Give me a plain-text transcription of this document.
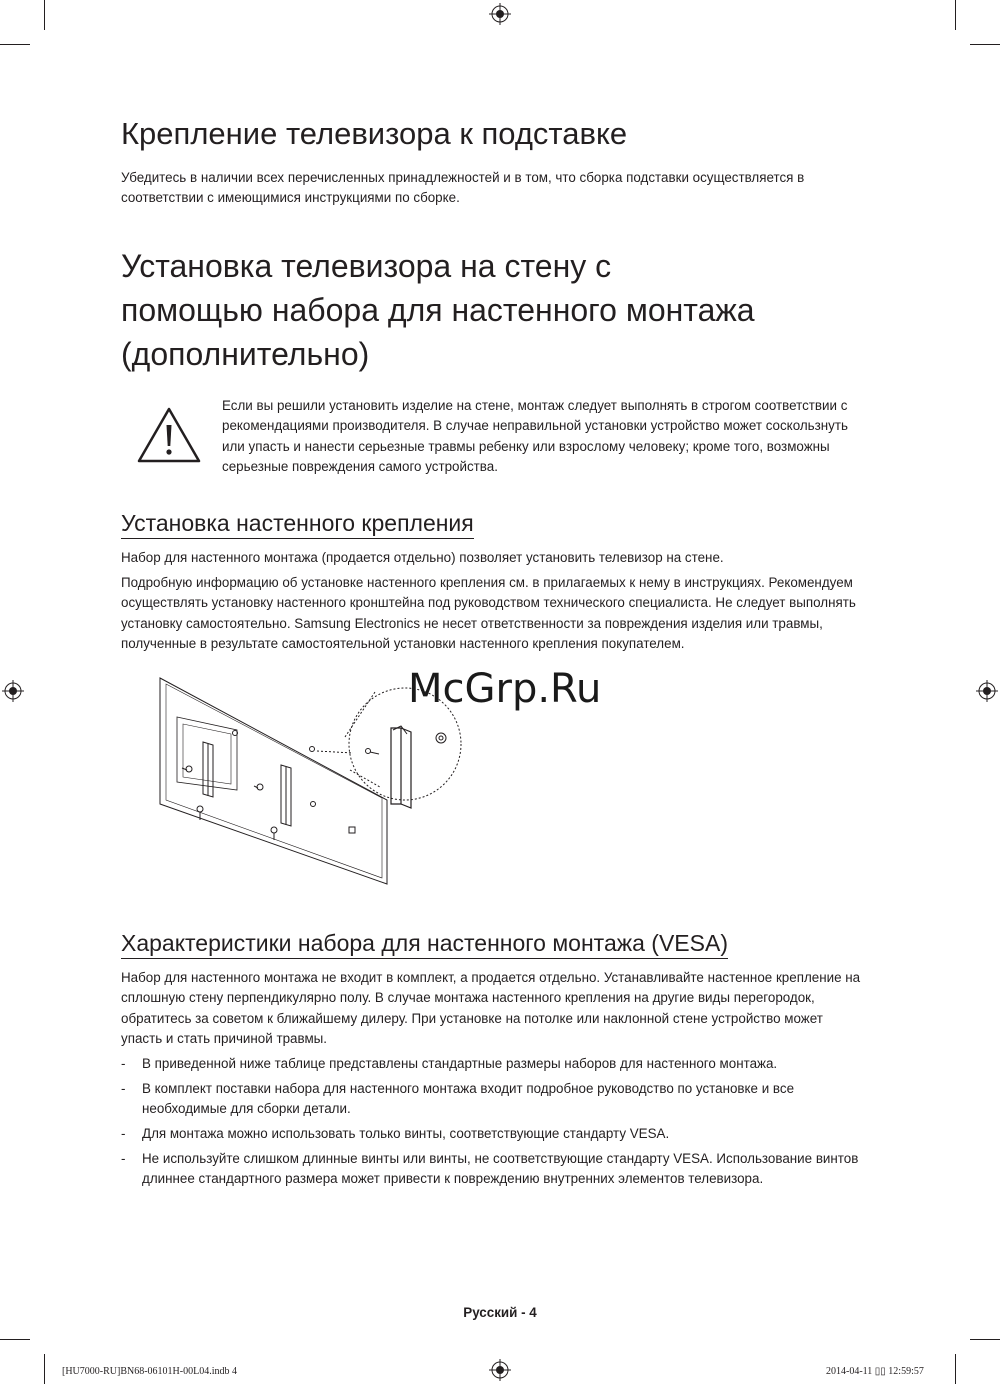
Крепление телевизора к подставке

Убедитесь в наличии всех перечисленных принадлежностей и в том, что сборка подставки осуществляется в соответствии с имеющимися инструкциями по сборке.

Установка телевизора на стену с
помощью набора для настенного монтажа
(дополнительно)

Если вы решили установить изделие на стене, монтаж следует выполнять в строгом соответствии с рекомендациями производителя. В случае неправильной установки устройство может соскользнуть или упасть и нанести серьезные травмы ребенку или взрослому человеку; кроме того, возможны серьезные повреждения самого устройства.

Установка настенного крепления

Набор для настенного монтажа (продается отдельно) позволяет установить телевизор на стене.

Подробную информацию об установке настенного крепления см. в прилагаемых к нему в инструкциях. Рекомендуем осуществлять установку настенного кронштейна под руководством технического специалиста. Не следует выполнять установку самостоятельно. Samsung Electronics не несет ответственности за повреждения изделия или травмы, полученные в результате самостоятельной установки настенного крепления покупателем.

McGrp.Ru
Характеристики набора для настенного монтажа (VESA)

Набор для настенного монтажа не входит в комплект, а продается отдельно. Устанавливайте настенное крепление на сплошную стену перпендикулярно полу. В случае монтажа настенного крепления на другие виды перегородок, обратитесь за советом к ближайшему дилеру. При установке на потолке или наклонной стене устройство может упасть и стать причиной травмы.

- В приведенной ниже таблице представлены стандартные размеры наборов для настенного монтажа.
- В комплект поставки набора для настенного монтажа входит подробное руководство по установке и все необходимые для сборки детали.
- Для монтажа можно использовать только винты, соответствующие стандарту VESA.
- Не используйте слишком длинные винты или винты, не соответствующие стандарту VESA. Использование винтов длиннее стандартного размера может привести к повреждению внутренних элементов телевизора.
Русский - 4
[HU7000-RU]BN68-06101H-00L04.indb 4	2014-04-11 ▯▯ 12:59:57
